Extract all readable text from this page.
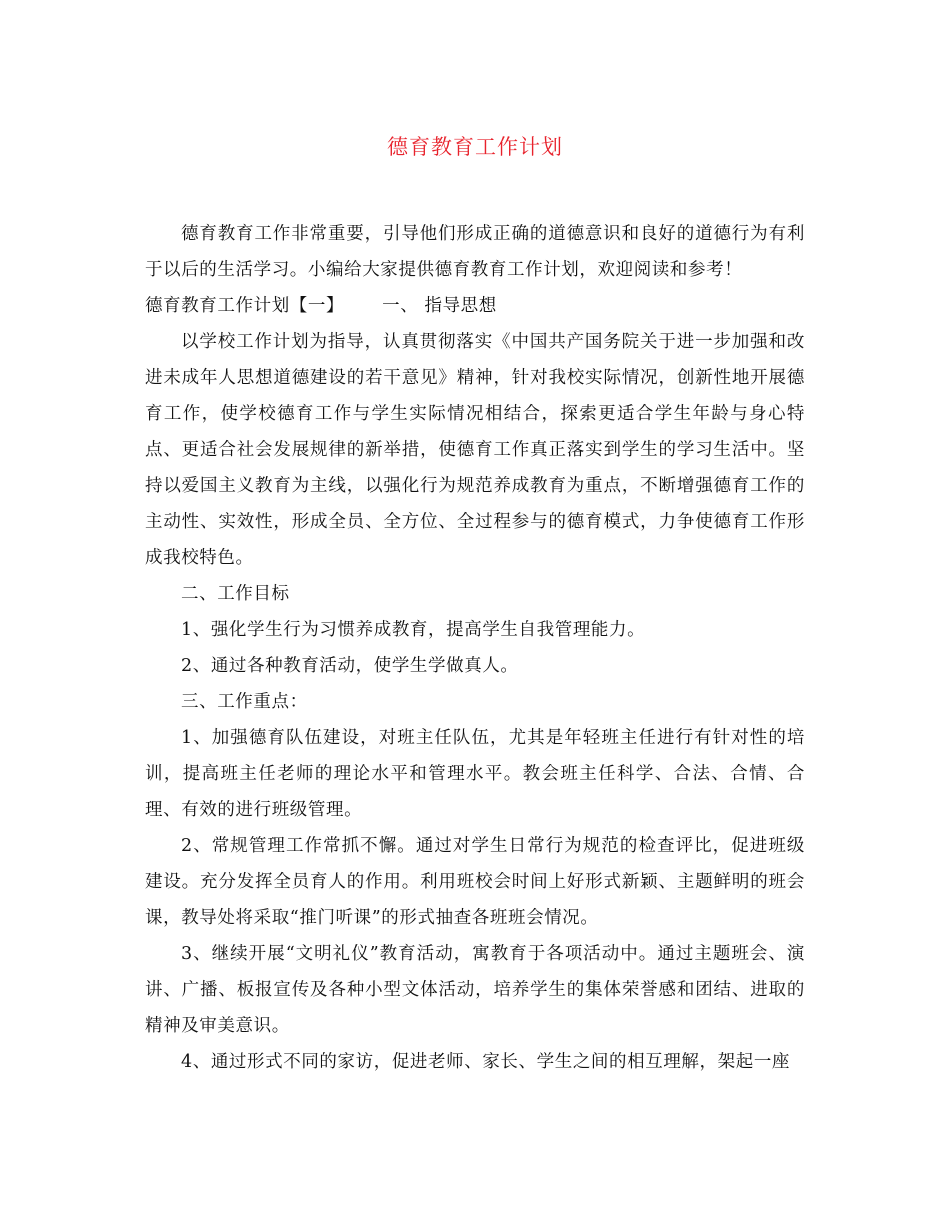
德育教育工作计划

德育教育工作非常重要，引导他们形成正确的道德意识和良好的道德行为有利于以后的生活学习。小编给大家提供德育教育工作计划，欢迎阅读和参考！

德育教育工作计划【一】 一、 指导思想

以学校工作计划为指导，认真贯彻落实《中国共产国务院关于进一步加强和改进未成年人思想道德建设的若干意见》精神，针对我校实际情况，创新性地开展德育工作，使学校德育工作与学生实际情况相结合，探索更适合学生年龄与身心特点、更适合社会发展规律的新举措，使德育工作真正落实到学生的学习生活中。坚持以爱国主义教育为主线，以强化行为规范养成教育为重点，不断增强德育工作的主动性、实效性，形成全员、全方位、全过程参与的德育模式，力争使德育工作形成我校特色。

二、工作目标

1、强化学生行为习惯养成教育，提高学生自我管理能力。

2、通过各种教育活动，使学生学做真人。

三、工作重点：

1、加强德育队伍建设，对班主任队伍，尤其是年轻班主任进行有针对性的培训，提高班主任老师的理论水平和管理水平。教会班主任科学、合法、合情、合理、有效的进行班级管理。

2、常规管理工作常抓不懈。通过对学生日常行为规范的检查评比，促进班级建设。充分发挥全员育人的作用。利用班校会时间上好形式新颖、主题鲜明的班会课，教导处将采取“推门听课”的形式抽查各班班会情况。

3、继续开展“文明礼仪”教育活动，寓教育于各项活动中。通过主题班会、演讲、广播、板报宣传及各种小型文体活动，培养学生的集体荣誉感和团结、进取的精神及审美意识。

4、通过形式不同的家访，促进老师、家长、学生之间的相互理解，架起一座
